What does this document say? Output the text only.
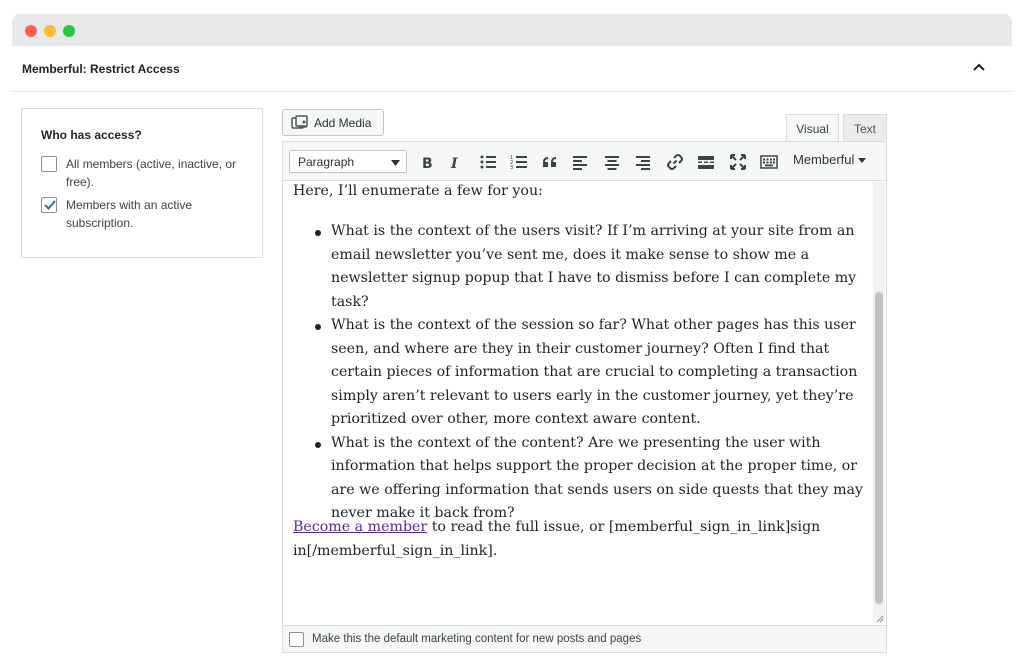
Memberful: Restrict Access
Who has access?
All members (active, inactive, or free).
Members with an active subscription.
Add Media	Visual	Text

Here, I’ll enumerate a few for you:

What is the context of the users visit? If I’m arriving at your site from an email newsletter you’ve sent me, does it make sense to show me a newsletter signup popup that I have to dismiss before I can complete my task?
What is the context of the session so far? What other pages has this user seen, and where are they in their customer journey? Often I find that certain pieces of information that are crucial to completing a transaction simply aren’t relevant to users early in the customer journey, yet they’re prioritized over other, more context aware content.
What is the context of the content? Are we presenting the user with information that helps support the proper decision at the proper time, or are we offering information that sends users on side quests that they may never make it back from?

Become a member to read the full issue, or [memberful_sign_in_link]sign in[/memberful_sign_in_link].

Paragraph	B I	1
2
3
Memberful
Make this the default marketing content for new posts and pages
